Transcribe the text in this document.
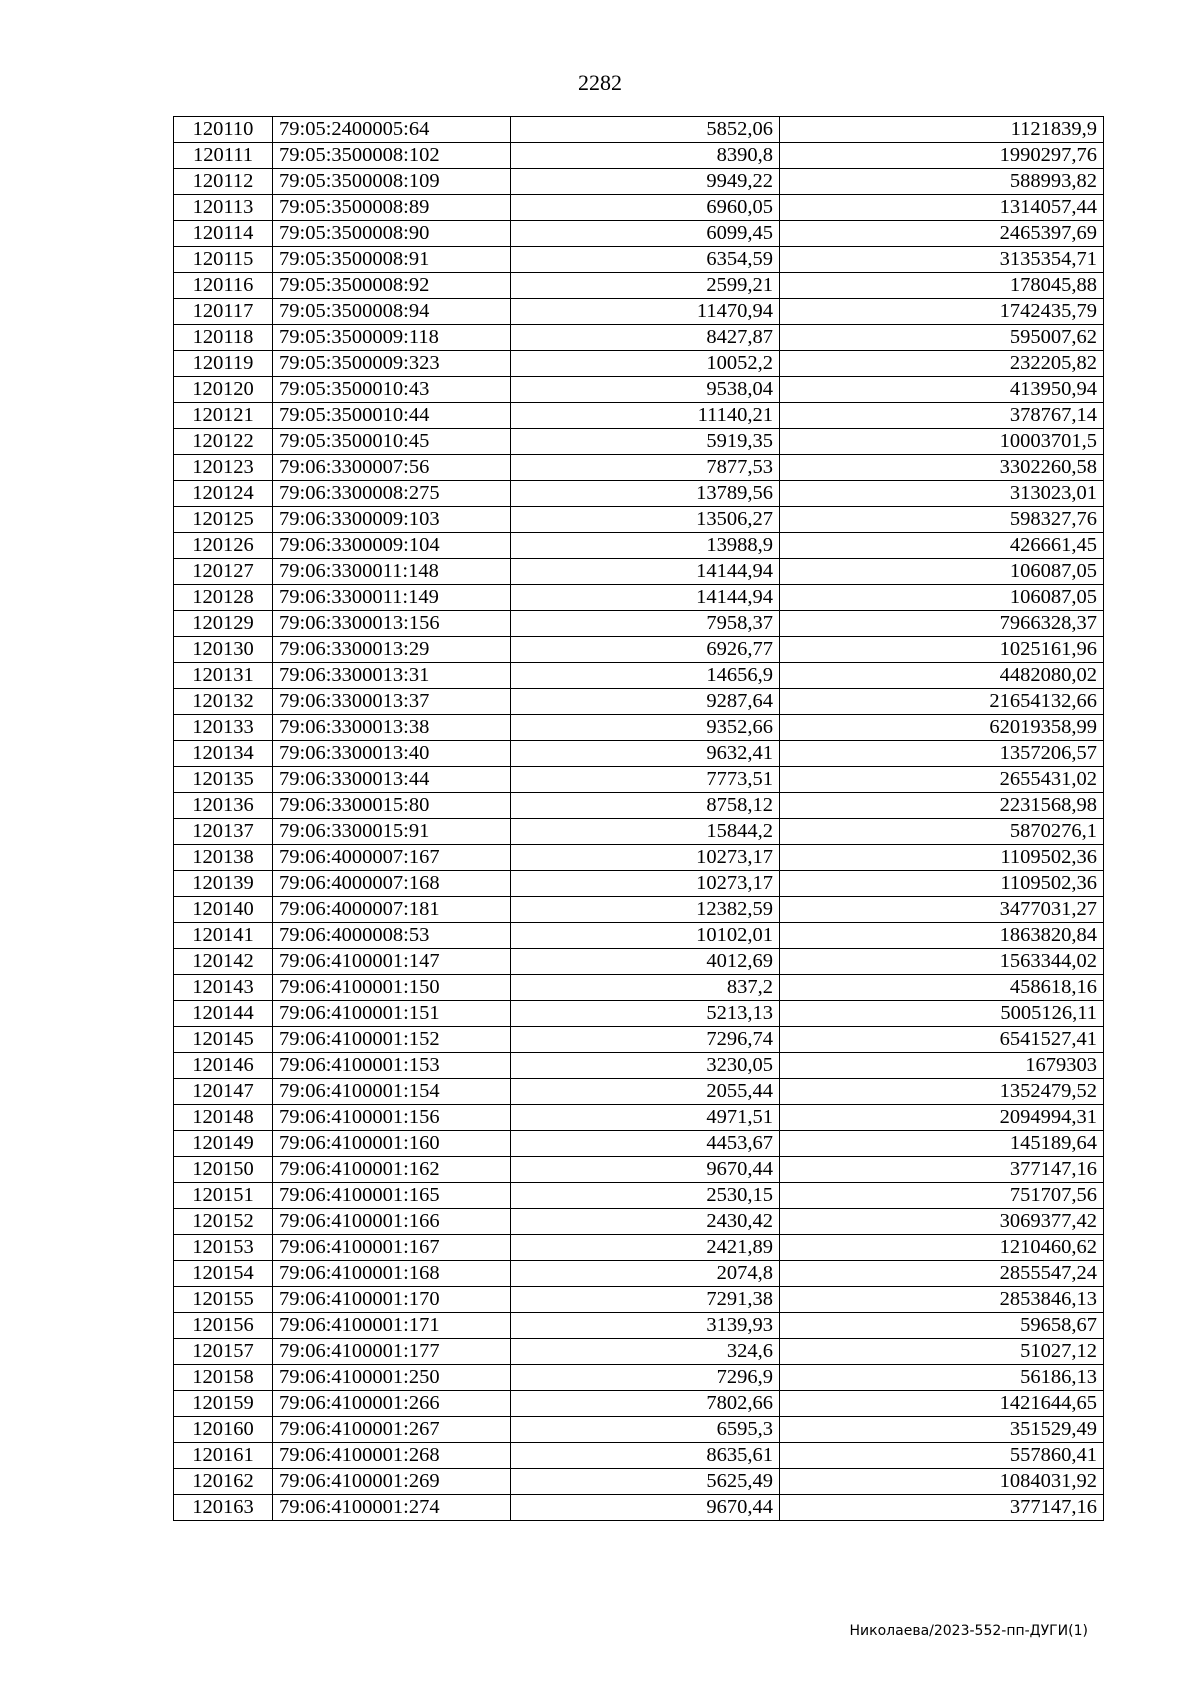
2282
120110	79:05:2400005:64	5852,06	1121839,9
120111	79:05:3500008:102	8390,8	1990297,76
120112	79:05:3500008:109	9949,22	588993,82
120113	79:05:3500008:89	6960,05	1314057,44
120114	79:05:3500008:90	6099,45	2465397,69
120115	79:05:3500008:91	6354,59	3135354,71
120116	79:05:3500008:92	2599,21	178045,88
120117	79:05:3500008:94	11470,94	1742435,79
120118	79:05:3500009:118	8427,87	595007,62
120119	79:05:3500009:323	10052,2	232205,82
120120	79:05:3500010:43	9538,04	413950,94
120121	79:05:3500010:44	11140,21	378767,14
120122	79:05:3500010:45	5919,35	10003701,5
120123	79:06:3300007:56	7877,53	3302260,58
120124	79:06:3300008:275	13789,56	313023,01
120125	79:06:3300009:103	13506,27	598327,76
120126	79:06:3300009:104	13988,9	426661,45
120127	79:06:3300011:148	14144,94	106087,05
120128	79:06:3300011:149	14144,94	106087,05
120129	79:06:3300013:156	7958,37	7966328,37
120130	79:06:3300013:29	6926,77	1025161,96
120131	79:06:3300013:31	14656,9	4482080,02
120132	79:06:3300013:37	9287,64	21654132,66
120133	79:06:3300013:38	9352,66	62019358,99
120134	79:06:3300013:40	9632,41	1357206,57
120135	79:06:3300013:44	7773,51	2655431,02
120136	79:06:3300015:80	8758,12	2231568,98
120137	79:06:3300015:91	15844,2	5870276,1
120138	79:06:4000007:167	10273,17	1109502,36
120139	79:06:4000007:168	10273,17	1109502,36
120140	79:06:4000007:181	12382,59	3477031,27
120141	79:06:4000008:53	10102,01	1863820,84
120142	79:06:4100001:147	4012,69	1563344,02
120143	79:06:4100001:150	837,2	458618,16
120144	79:06:4100001:151	5213,13	5005126,11
120145	79:06:4100001:152	7296,74	6541527,41
120146	79:06:4100001:153	3230,05	1679303
120147	79:06:4100001:154	2055,44	1352479,52
120148	79:06:4100001:156	4971,51	2094994,31
120149	79:06:4100001:160	4453,67	145189,64
120150	79:06:4100001:162	9670,44	377147,16
120151	79:06:4100001:165	2530,15	751707,56
120152	79:06:4100001:166	2430,42	3069377,42
120153	79:06:4100001:167	2421,89	1210460,62
120154	79:06:4100001:168	2074,8	2855547,24
120155	79:06:4100001:170	7291,38	2853846,13
120156	79:06:4100001:171	3139,93	59658,67
120157	79:06:4100001:177	324,6	51027,12
120158	79:06:4100001:250	7296,9	56186,13
120159	79:06:4100001:266	7802,66	1421644,65
120160	79:06:4100001:267	6595,3	351529,49
120161	79:06:4100001:268	8635,61	557860,41
120162	79:06:4100001:269	5625,49	1084031,92
120163	79:06:4100001:274	9670,44	377147,16
Николаева/2023-552-пп-ДУГИ(1)
